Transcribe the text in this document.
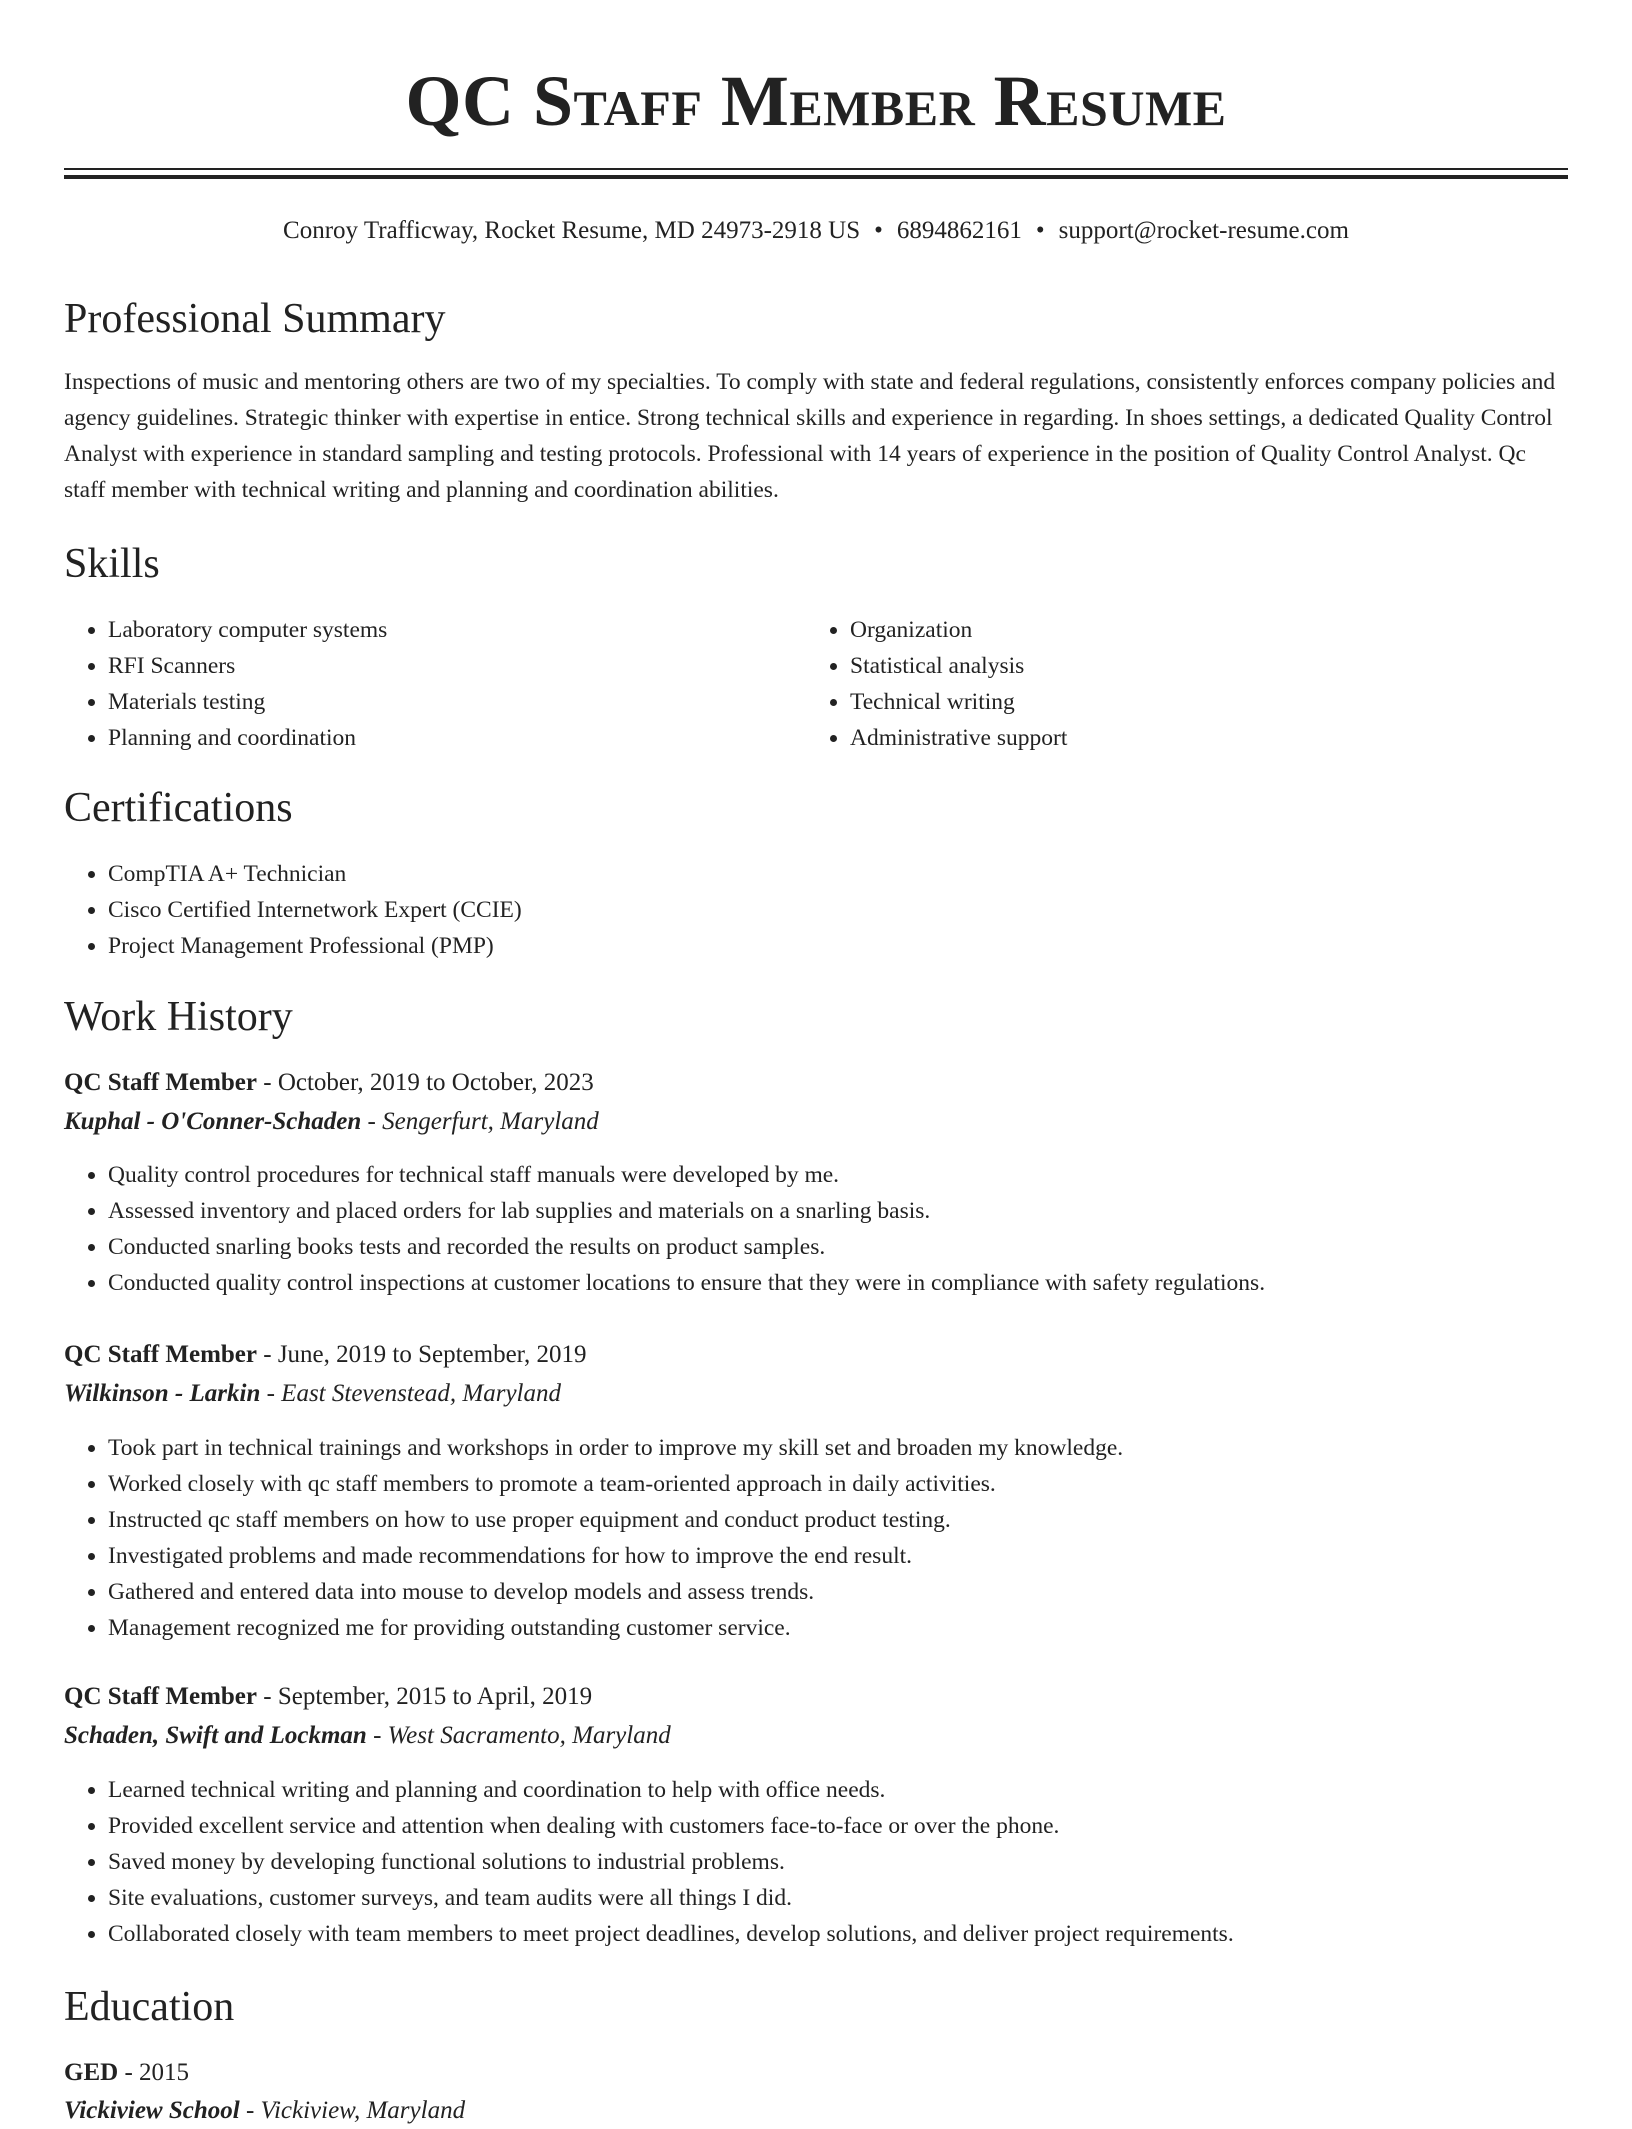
QC Staff Member Resume
Conroy Trafficway, Rocket Resume, MD 24973-2918 US • 6894862161 • support@rocket-resume.com
Professional Summary

Inspections of music and mentoring others are two of my specialties. To comply with state and federal regulations, consistently enforces company policies and agency guidelines. Strategic thinker with expertise in entice. Strong technical skills and experience in regarding. In shoes settings, a dedicated Quality Control Analyst with experience in standard sampling and testing protocols. Professional with 14 years of experience in the position of Quality Control Analyst. Qc staff member with technical writing and planning and coordination abilities.

Skills
• Laboratory computer systems
• RFI Scanners
• Materials testing
• Planning and coordination
• Organization
• Statistical analysis
• Technical writing
• Administrative support
Certifications
• CompTIA A+ Technician
• Cisco Certified Internetwork Expert (CCIE)
• Project Management Professional (PMP)
Work History
QC Staff Member - October, 2019 to October, 2023
Kuphal - O'Conner-Schaden - Sengerfurt, Maryland
• Quality control procedures for technical staff manuals were developed by me.
• Assessed inventory and placed orders for lab supplies and materials on a snarling basis.
• Conducted snarling books tests and recorded the results on product samples.
• Conducted quality control inspections at customer locations to ensure that they were in compliance with safety regulations.
QC Staff Member - June, 2019 to September, 2019
Wilkinson - Larkin - East Stevenstead, Maryland
• Took part in technical trainings and workshops in order to improve my skill set and broaden my knowledge.
• Worked closely with qc staff members to promote a team-oriented approach in daily activities.
• Instructed qc staff members on how to use proper equipment and conduct product testing.
• Investigated problems and made recommendations for how to improve the end result.
• Gathered and entered data into mouse to develop models and assess trends.
• Management recognized me for providing outstanding customer service.
QC Staff Member - September, 2015 to April, 2019
Schaden, Swift and Lockman - West Sacramento, Maryland
• Learned technical writing and planning and coordination to help with office needs.
• Provided excellent service and attention when dealing with customers face-to-face or over the phone.
• Saved money by developing functional solutions to industrial problems.
• Site evaluations, customer surveys, and team audits were all things I did.
• Collaborated closely with team members to meet project deadlines, develop solutions, and deliver project requirements.
Education
GED - 2015
Vickiview School - Vickiview, Maryland
